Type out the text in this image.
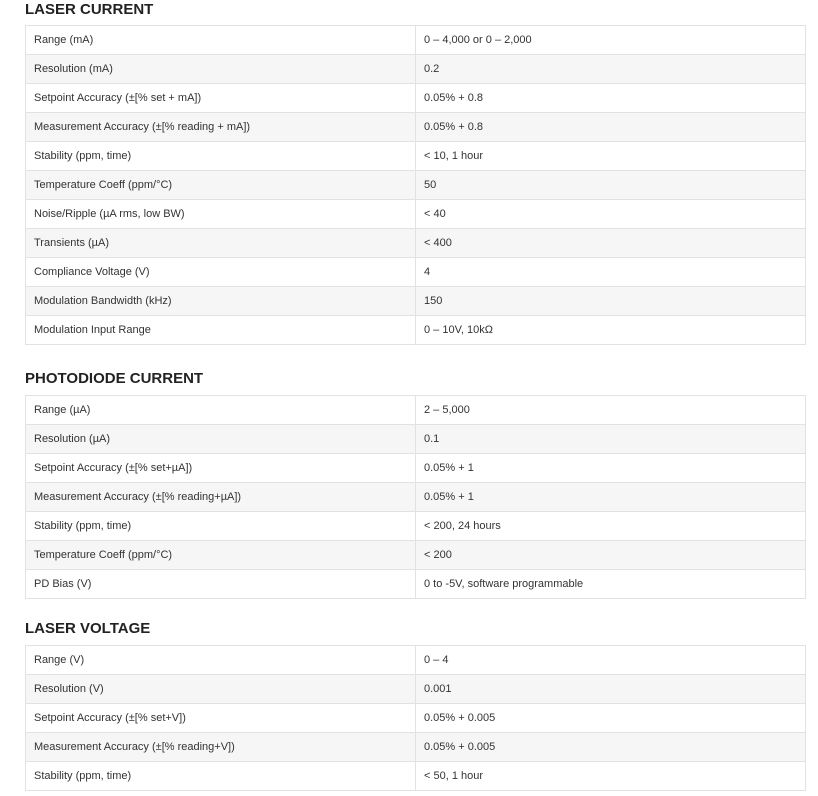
LASER CURRENT
Range (mA)	0 – 4,000 or 0 – 2,000
Resolution (mA)	0.2
Setpoint Accuracy (±[% set + mA])	0.05% + 0.8
Measurement Accuracy (±[% reading + mA])	0.05% + 0.8
Stability (ppm, time)	< 10, 1 hour
Temperature Coeff (ppm/°C)	50
Noise/Ripple (µA rms, low BW)	< 40
Transients (µA)	< 400
Compliance Voltage (V)	4
Modulation Bandwidth (kHz)	150
Modulation Input Range	0 – 10V, 10kΩ
PHOTODIODE CURRENT
Range (µA)	2 – 5,000
Resolution (µA)	0.1
Setpoint Accuracy (±[% set+µA])	0.05% + 1
Measurement Accuracy (±[% reading+µA])	0.05% + 1
Stability (ppm, time)	< 200, 24 hours
Temperature Coeff (ppm/°C)	< 200
PD Bias (V)	0 to -5V, software programmable
LASER VOLTAGE
Range (V)	0 – 4
Resolution (V)	0.001
Setpoint Accuracy (±[% set+V])	0.05% + 0.005
Measurement Accuracy (±[% reading+V])	0.05% + 0.005
Stability (ppm, time)	< 50, 1 hour
